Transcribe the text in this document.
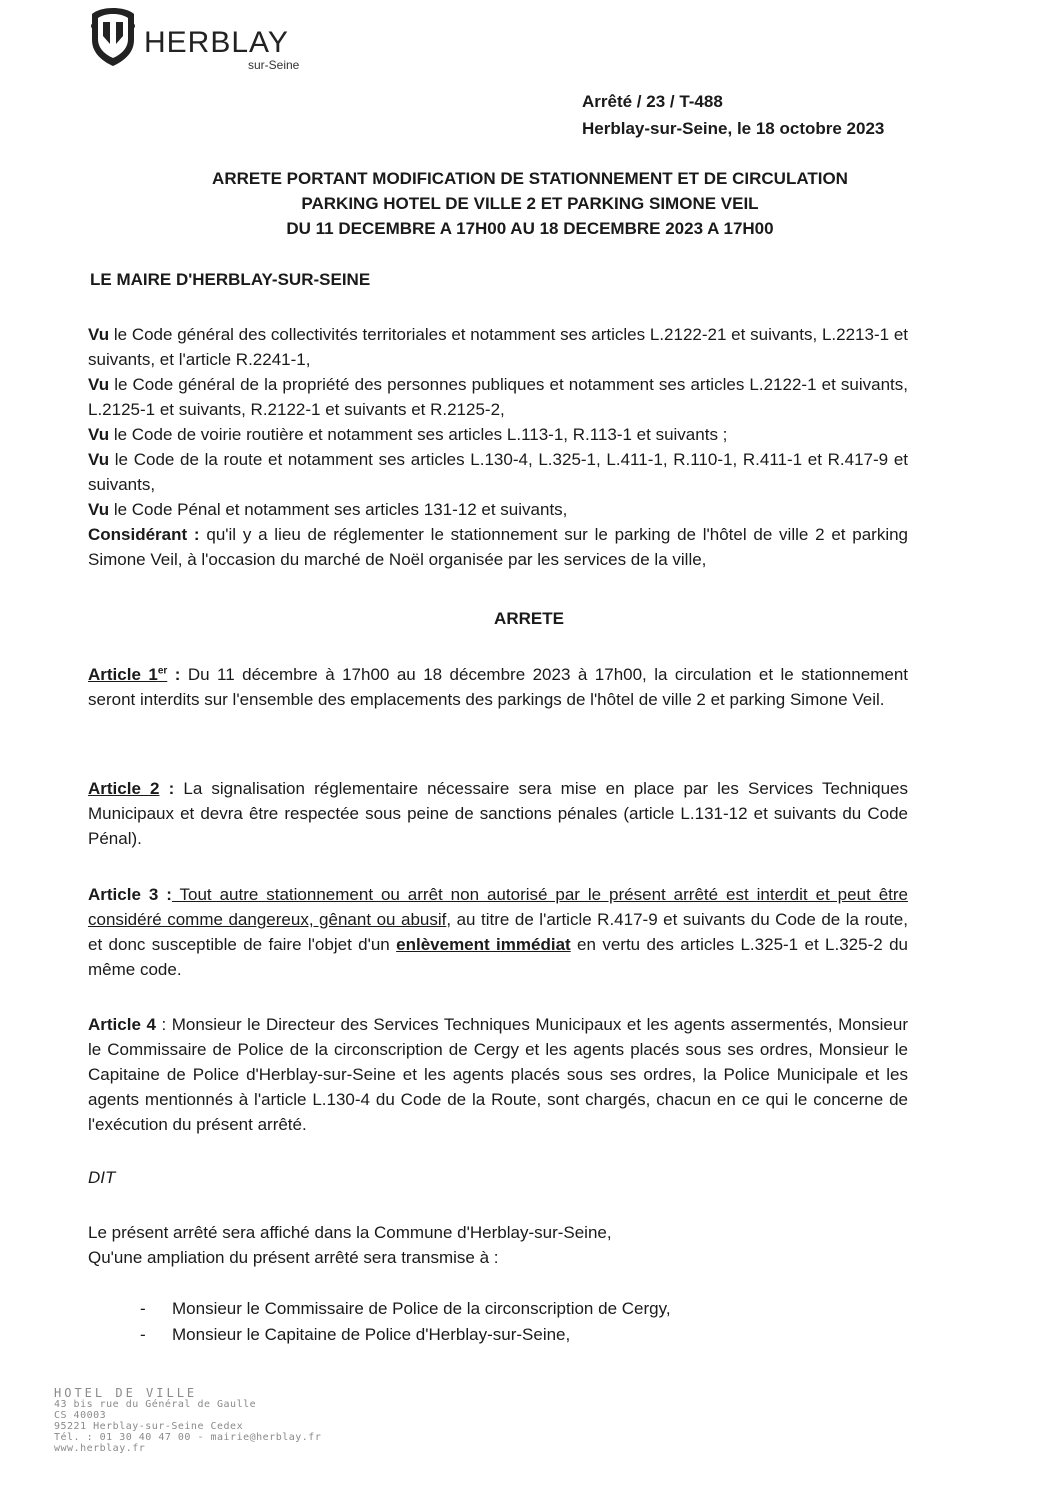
HERBLAY
sur-Seine
Arrêté / 23 / T-488
Herblay-sur-Seine, le 18 octobre 2023
ARRETE PORTANT MODIFICATION DE STATIONNEMENT ET DE CIRCULATION
PARKING HOTEL DE VILLE 2 ET PARKING SIMONE VEIL
DU 11 DECEMBRE A 17H00 AU 18 DECEMBRE 2023 A 17H00
LE MAIRE D'HERBLAY-SUR-SEINE

Vu le Code général des collectivités territoriales et notamment ses articles L.2122-21 et suivants, L.2213-1 et suivants, et l'article R.2241-1,

Vu le Code général de la propriété des personnes publiques et notamment ses articles L.2122-1 et suivants, L.2125-1 et suivants, R.2122-1 et suivants et R.2125-2,

Vu le Code de voirie routière et notamment ses articles L.113-1, R.113-1 et suivants ;

Vu le Code de la route et notamment ses articles L.130-4, L.325-1, L.411-1, R.110-1, R.411-1 et R.417-9 et suivants,

Vu le Code Pénal et notamment ses articles 131-12 et suivants,

Considérant : qu'il y a lieu de réglementer le stationnement sur le parking de l'hôtel de ville 2 et parking Simone Veil, à l'occasion du marché de Noël organisée par les services de la ville,

ARRETE

Article 1er : Du 11 décembre à 17h00 au 18 décembre 2023 à 17h00, la circulation et le stationnement seront interdits sur l'ensemble des emplacements des parkings de l'hôtel de ville 2 et parking Simone Veil.

Article 2 : La signalisation réglementaire nécessaire sera mise en place par les Services Techniques Municipaux et devra être respectée sous peine de sanctions pénales (article L.131-12 et suivants du Code Pénal).

Article 3 : Tout autre stationnement ou arrêt non autorisé par le présent arrêté est interdit et peut être considéré comme dangereux, gênant ou abusif, au titre de l'article R.417-9 et suivants du Code de la route, et donc susceptible de faire l'objet d'un enlèvement immédiat en vertu des articles L.325-1 et L.325-2 du même code.

Article 4 : Monsieur le Directeur des Services Techniques Municipaux et les agents assermentés, Monsieur le Commissaire de Police de la circonscription de Cergy et les agents placés sous ses ordres, Monsieur le Capitaine de Police d'Herblay-sur-Seine et les agents placés sous ses ordres, la Police Municipale et les agents mentionnés à l'article L.130-4 du Code de la Route, sont chargés, chacun en ce qui le concerne de l'exécution du présent arrêté.

DIT

Le présent arrêté sera affiché dans la Commune d'Herblay-sur-Seine,

Qu'une ampliation du présent arrêté sera transmise à :

-	Monsieur le Commissaire de Police de la circonscription de Cergy,
-	Monsieur le Capitaine de Police d'Herblay-sur-Seine,
HOTEL DE VILLE
43 bis rue du Général de Gaulle
CS 40003
95221 Herblay-sur-Seine Cedex
Tél. : 01 30 40 47 00 - mairie@herblay.fr
www.herblay.fr
